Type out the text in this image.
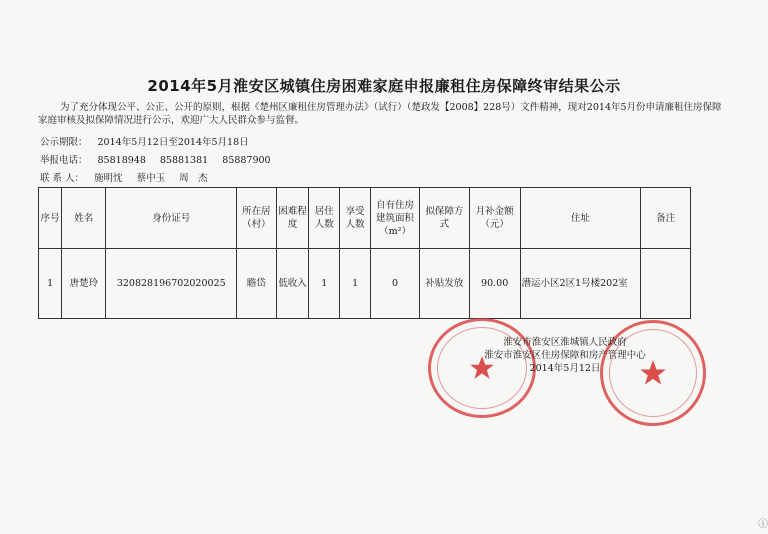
2014年5月淮安区城镇住房困难家庭申报廉租住房保障终审结果公示
为了充分体现公平、公正、公开的原则，根据《楚州区廉租住房管理办法》（试行）（楚政发【2008】228号）文件精神，现对2014年5月份申请廉租住房保障家庭审核及拟保障情况进行公示，欢迎广大人民群众参与监督。
公示期限： 2014年5月12日至2014年5月18日
举报电话： 85818948 85881381 85887900
联 系 人： 施明忱 蔡中玉 周　杰
序号	姓名	身份证号	所在居（村）	困难程度	居住人数	享受人数	自有住房建筑面积（m²）	拟保障方式	月补金额（元）	住址	备注
1	唐楚玲	320828196702020025	瞻岱	低收入	1	1	0	补贴发放	90.00	漕运小区2区1号楼202室	
淮安市淮安区淮城镇人民政府
淮安市淮安区住房保障和房产管理中心
2014年5月12日
ⓘ
